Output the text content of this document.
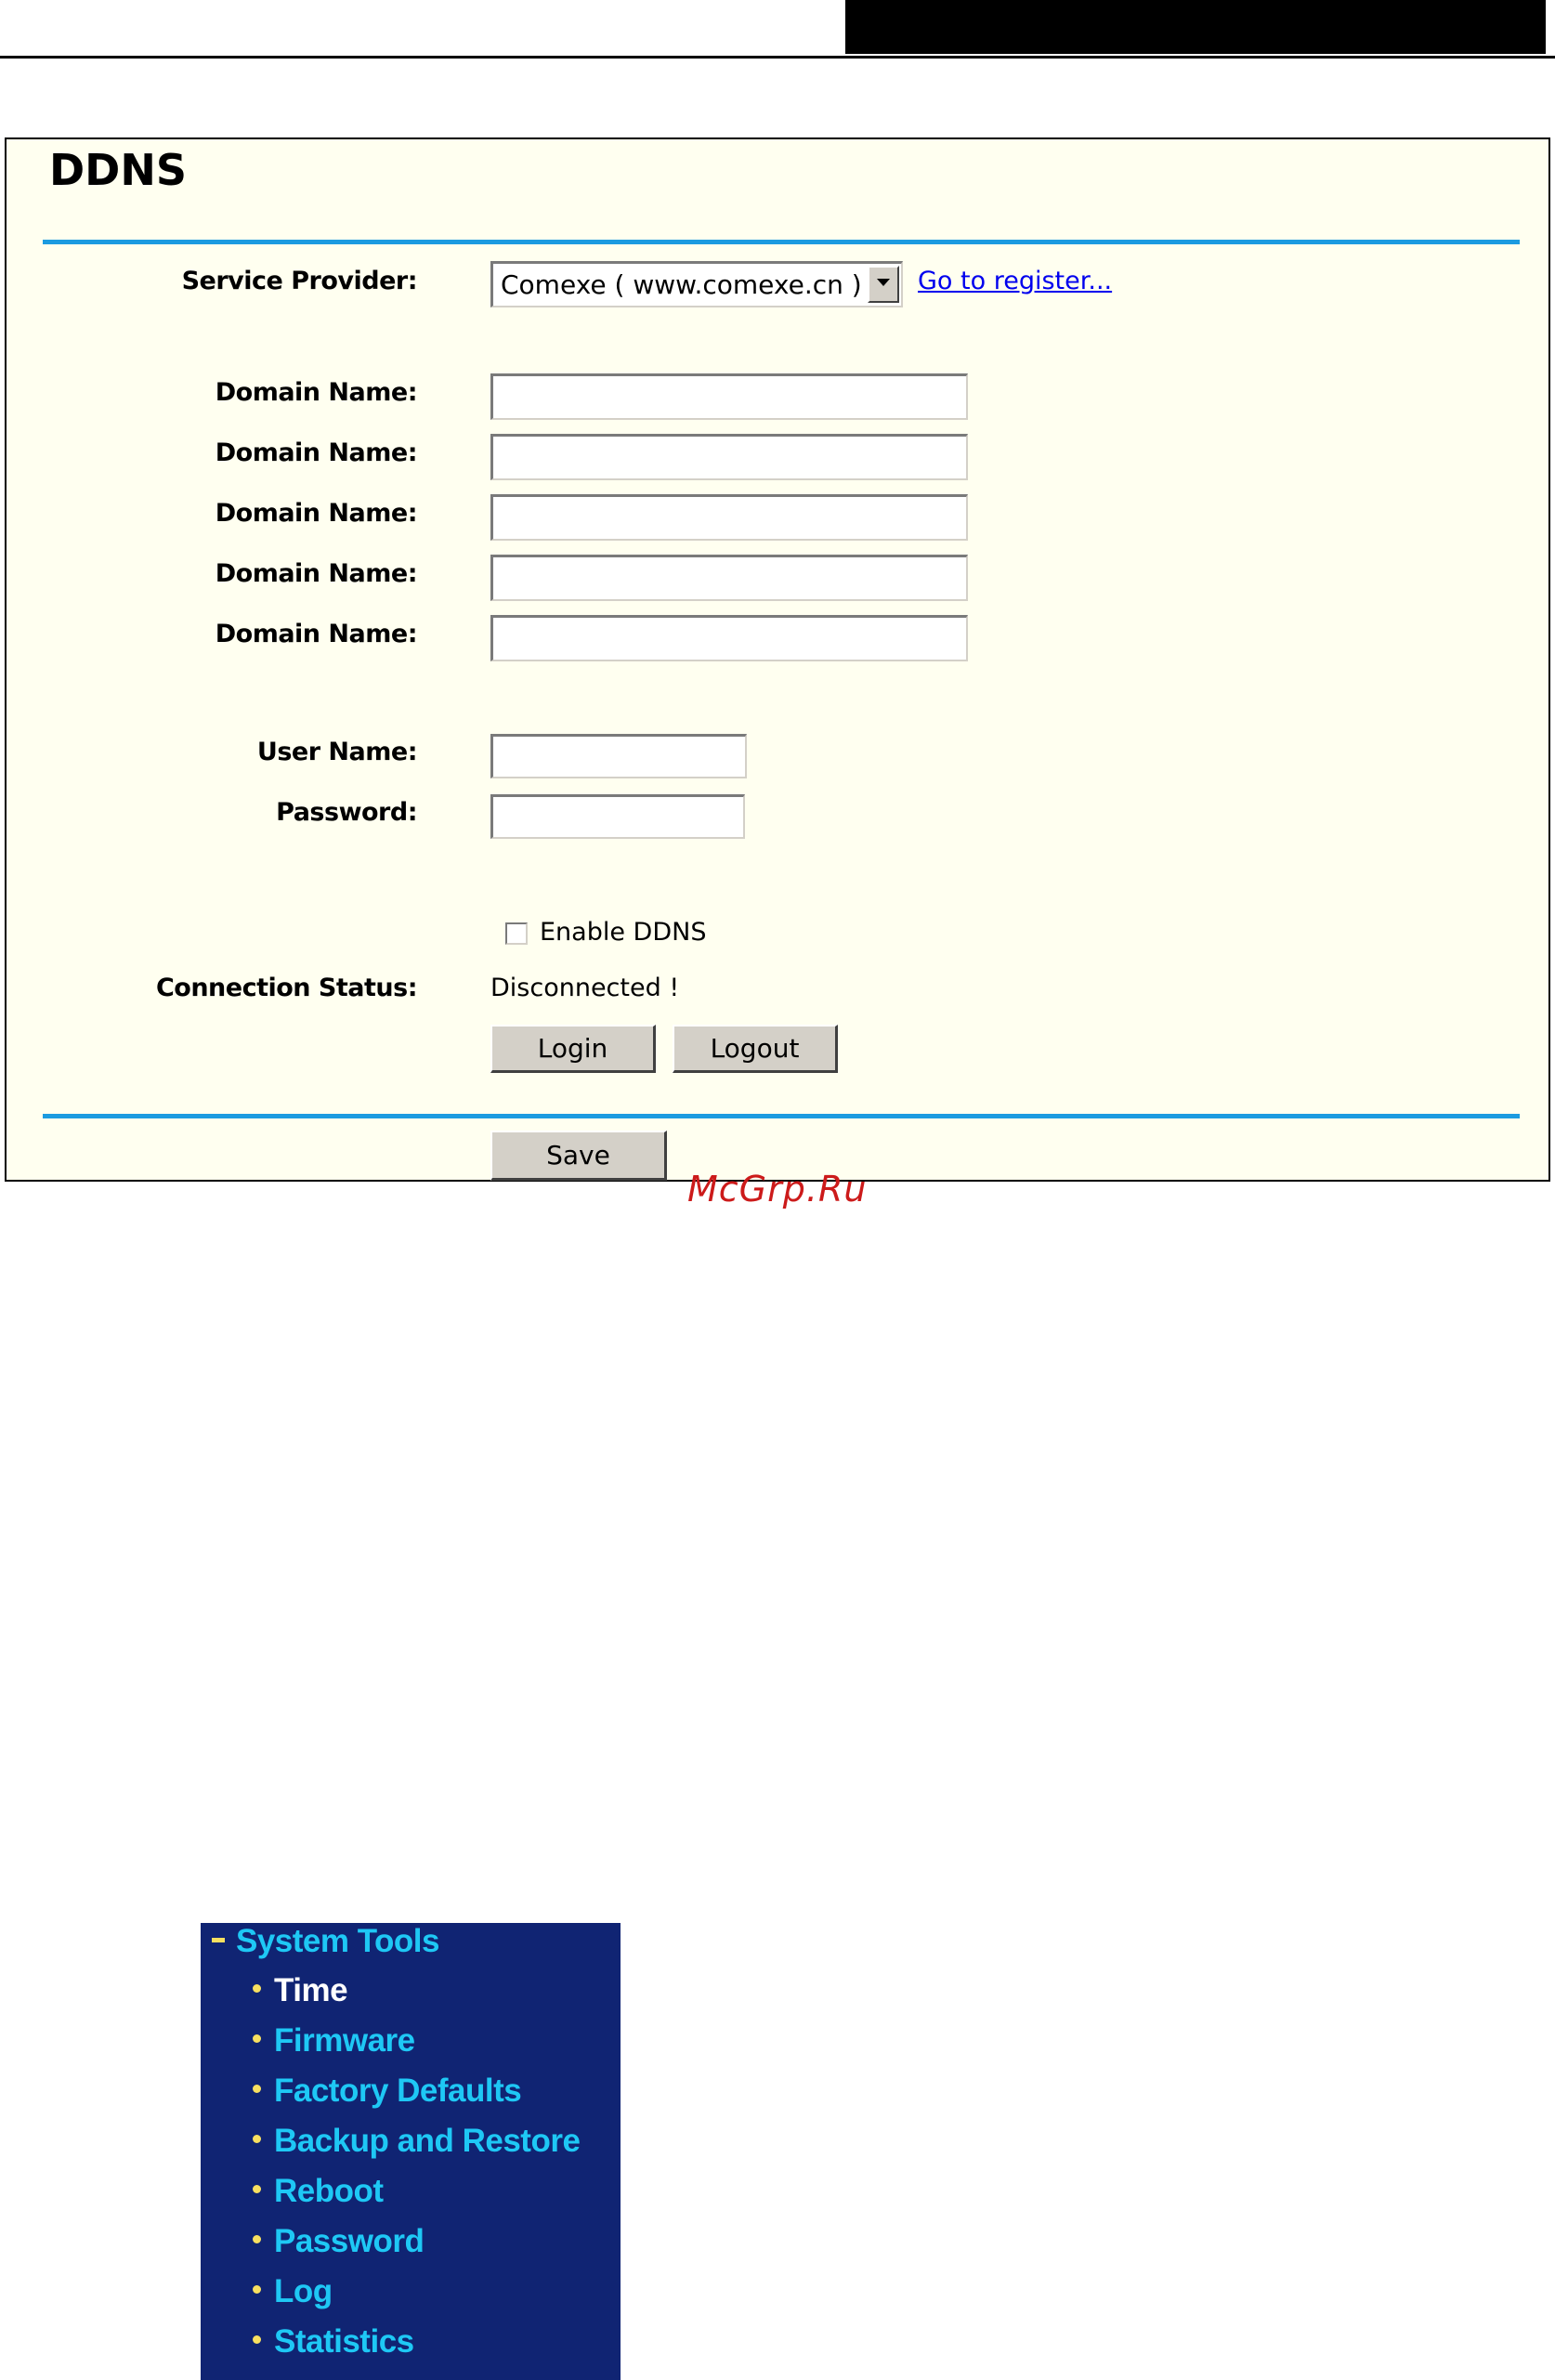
DDNS
Service Provider:	Comexe ( www.comexe.cn ) Go to register...
Domain Name:
Domain Name:
Domain Name:
Domain Name:
Domain Name:
User Name:
Password:
Enable DDNS
Connection Status:	Disconnected !
Login	Logout
Save
McGrp.Ru
System Tools
Time
Firmware
Factory Defaults
Backup and Restore
Reboot
Password
Log
Statistics
